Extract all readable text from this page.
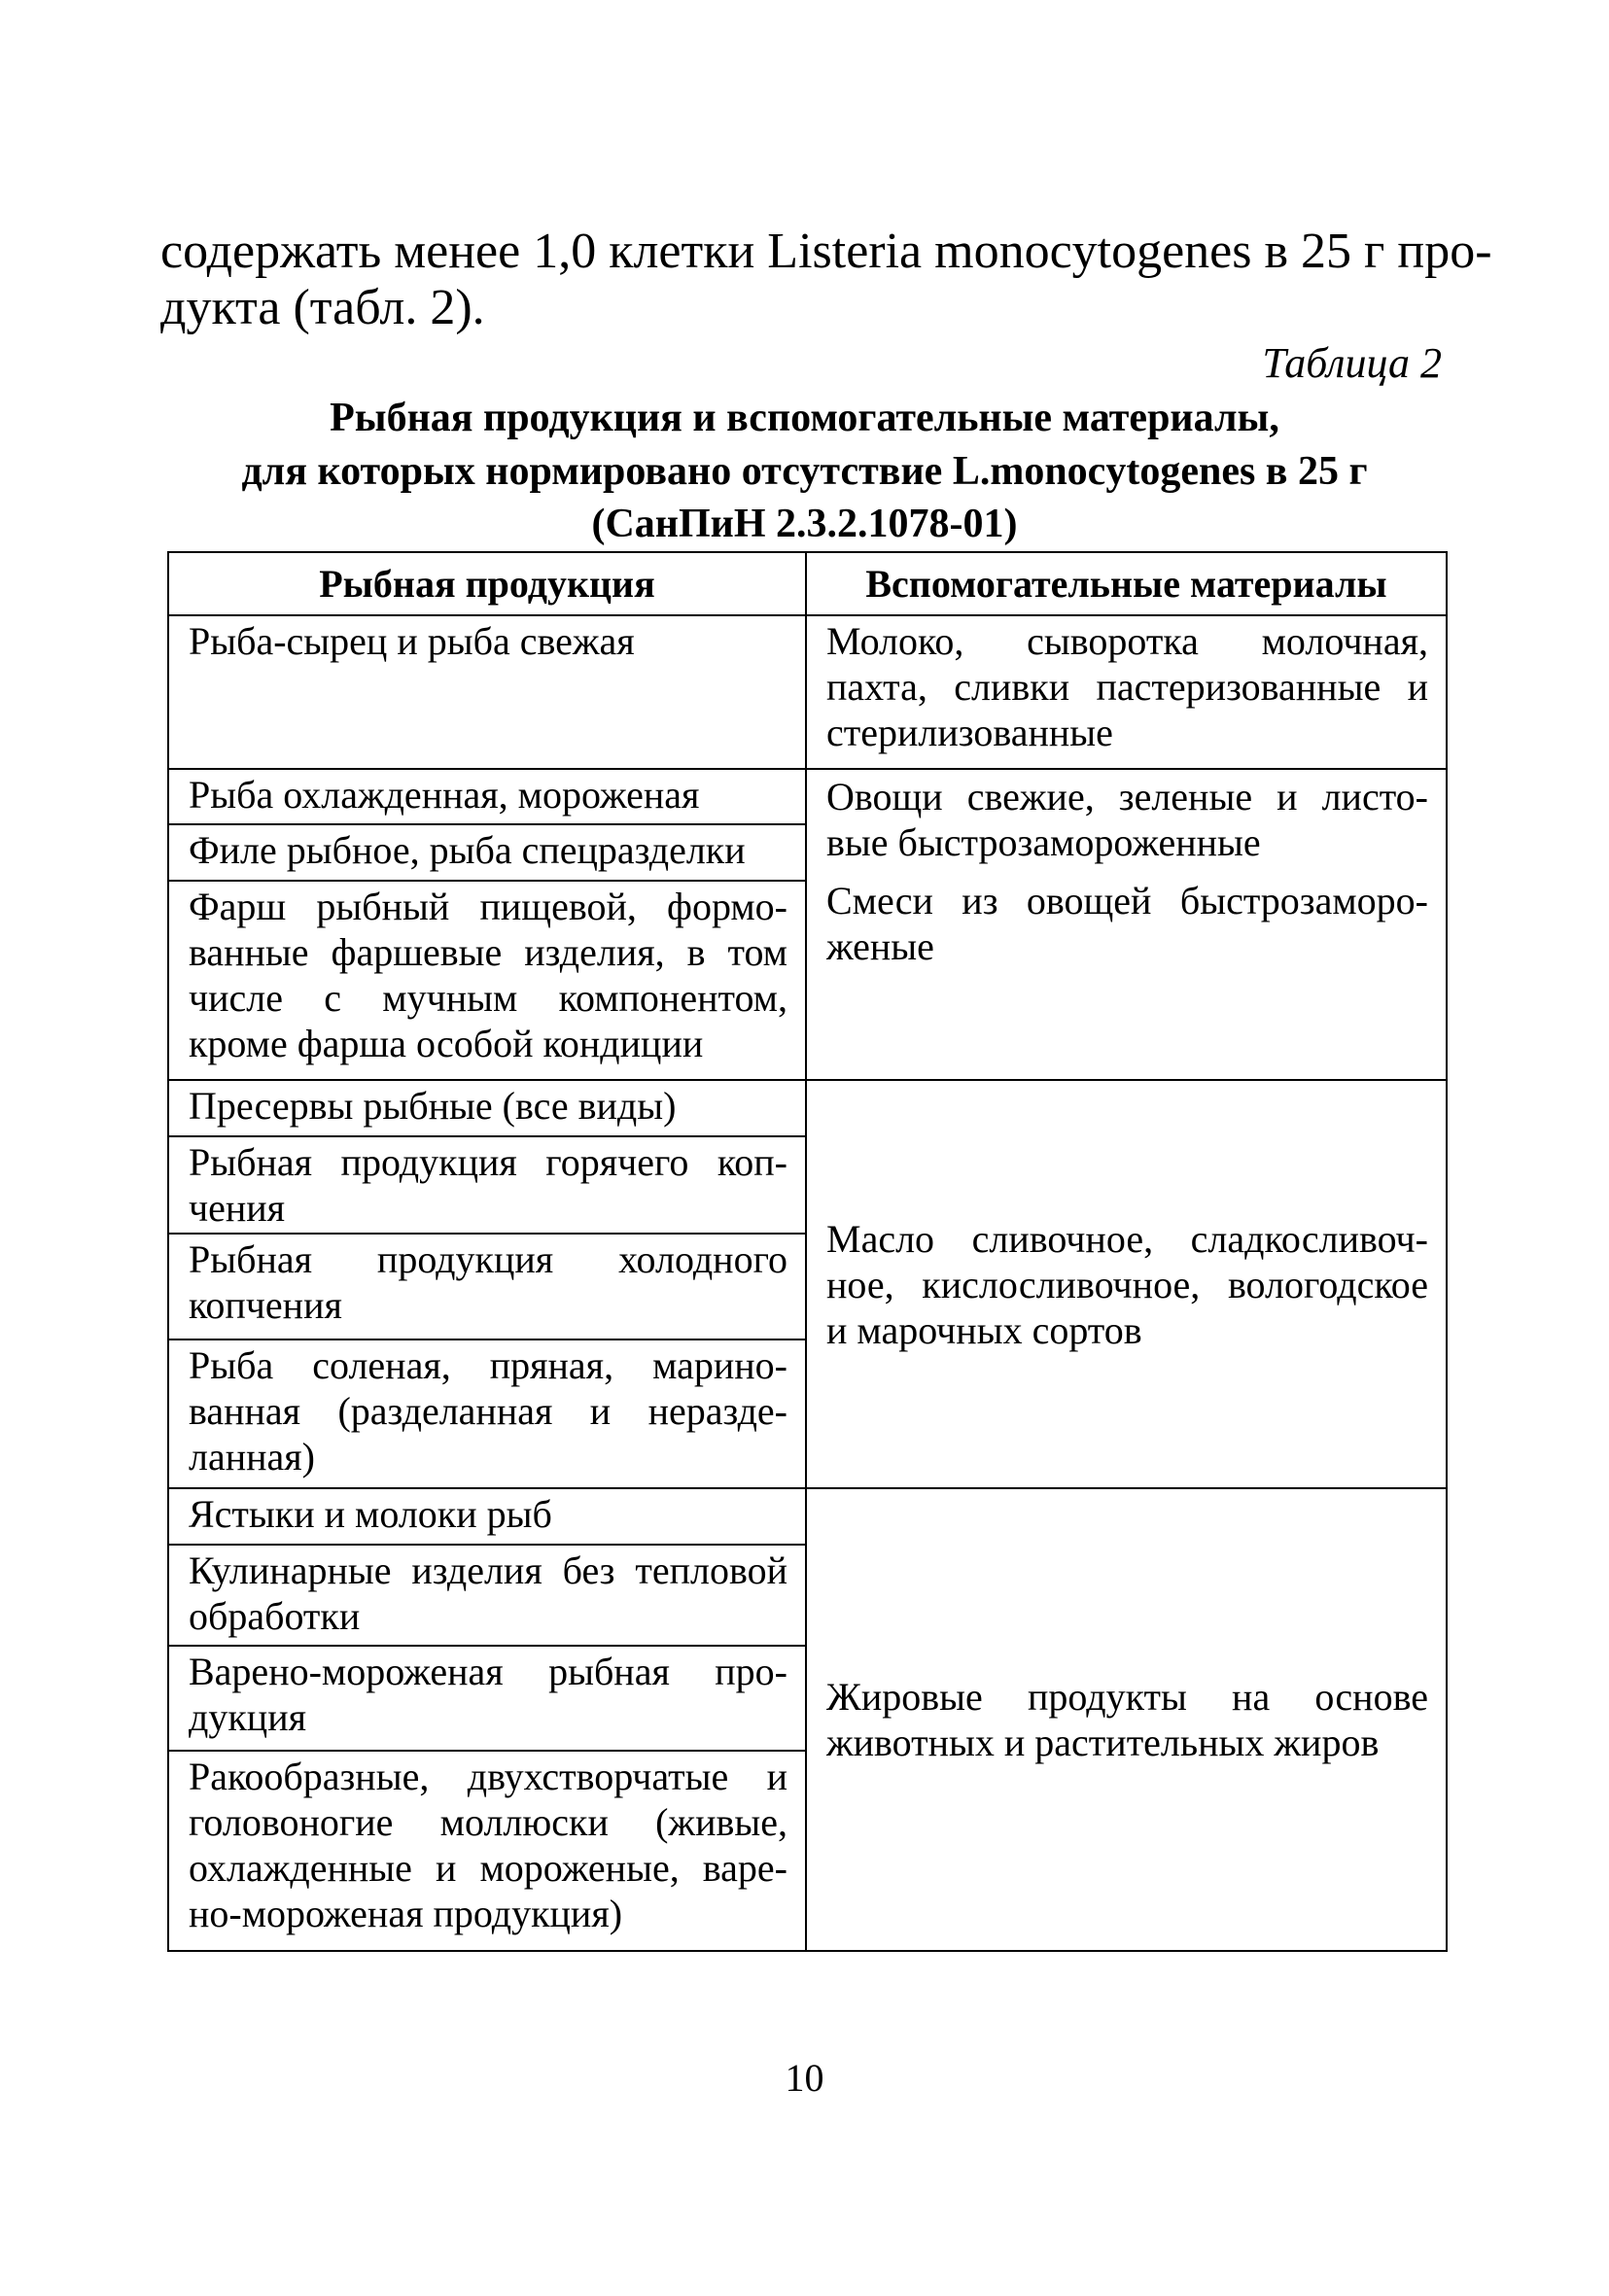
содержать менее 1,0 клетки Listeria monocytogenes в 25 г про-
дукта (табл. 2).
Таблица 2
Рыбная продукция и вспомогательные материалы,
для которых нормировано отсутствие L.monocytogenes в 25 г
(СанПиН 2.3.2.1078-01)
Рыбная продукция	Вспомогательные материалы

Рыба-сырец и рыба свежая	Молоко, сыворотка молочная,
пахта, сливки пастеризованные и
стерилизованные

Рыба охлажденная, мороженая	Овощи свежие, зеленые и листо-
вые быстрозамороженные
Смеси из овощей быстрозаморо-
женые

Филе рыбное, рыба спецразделки	

Фарш рыбный пищевой, формо-
ванные фаршевые изделия, в том
числе с мучным компонентом,
кроме фарша особой кондиции	

Пресервы рыбные (все виды)	Масло сливочное, сладкосливоч-
ное, кислосливочное, вологодское
и марочных сортов

Рыбная продукция горячего коп-
чения	

Рыбная продукция холодного
копчения	

Рыба соленая, пряная, марино-
ванная (разделанная и неразде-
ланная)	

Ястыки и молоки рыб	Жировые продукты на основе
животных и растительных жиров

Кулинарные изделия без тепловой
обработки	

Варено-мороженая рыбная про-
дукция	

Ракообразные, двухстворчатые и
головоногие моллюски (живые,
охлажденные и мороженые, варе-
но-мороженая продукция)	
10
